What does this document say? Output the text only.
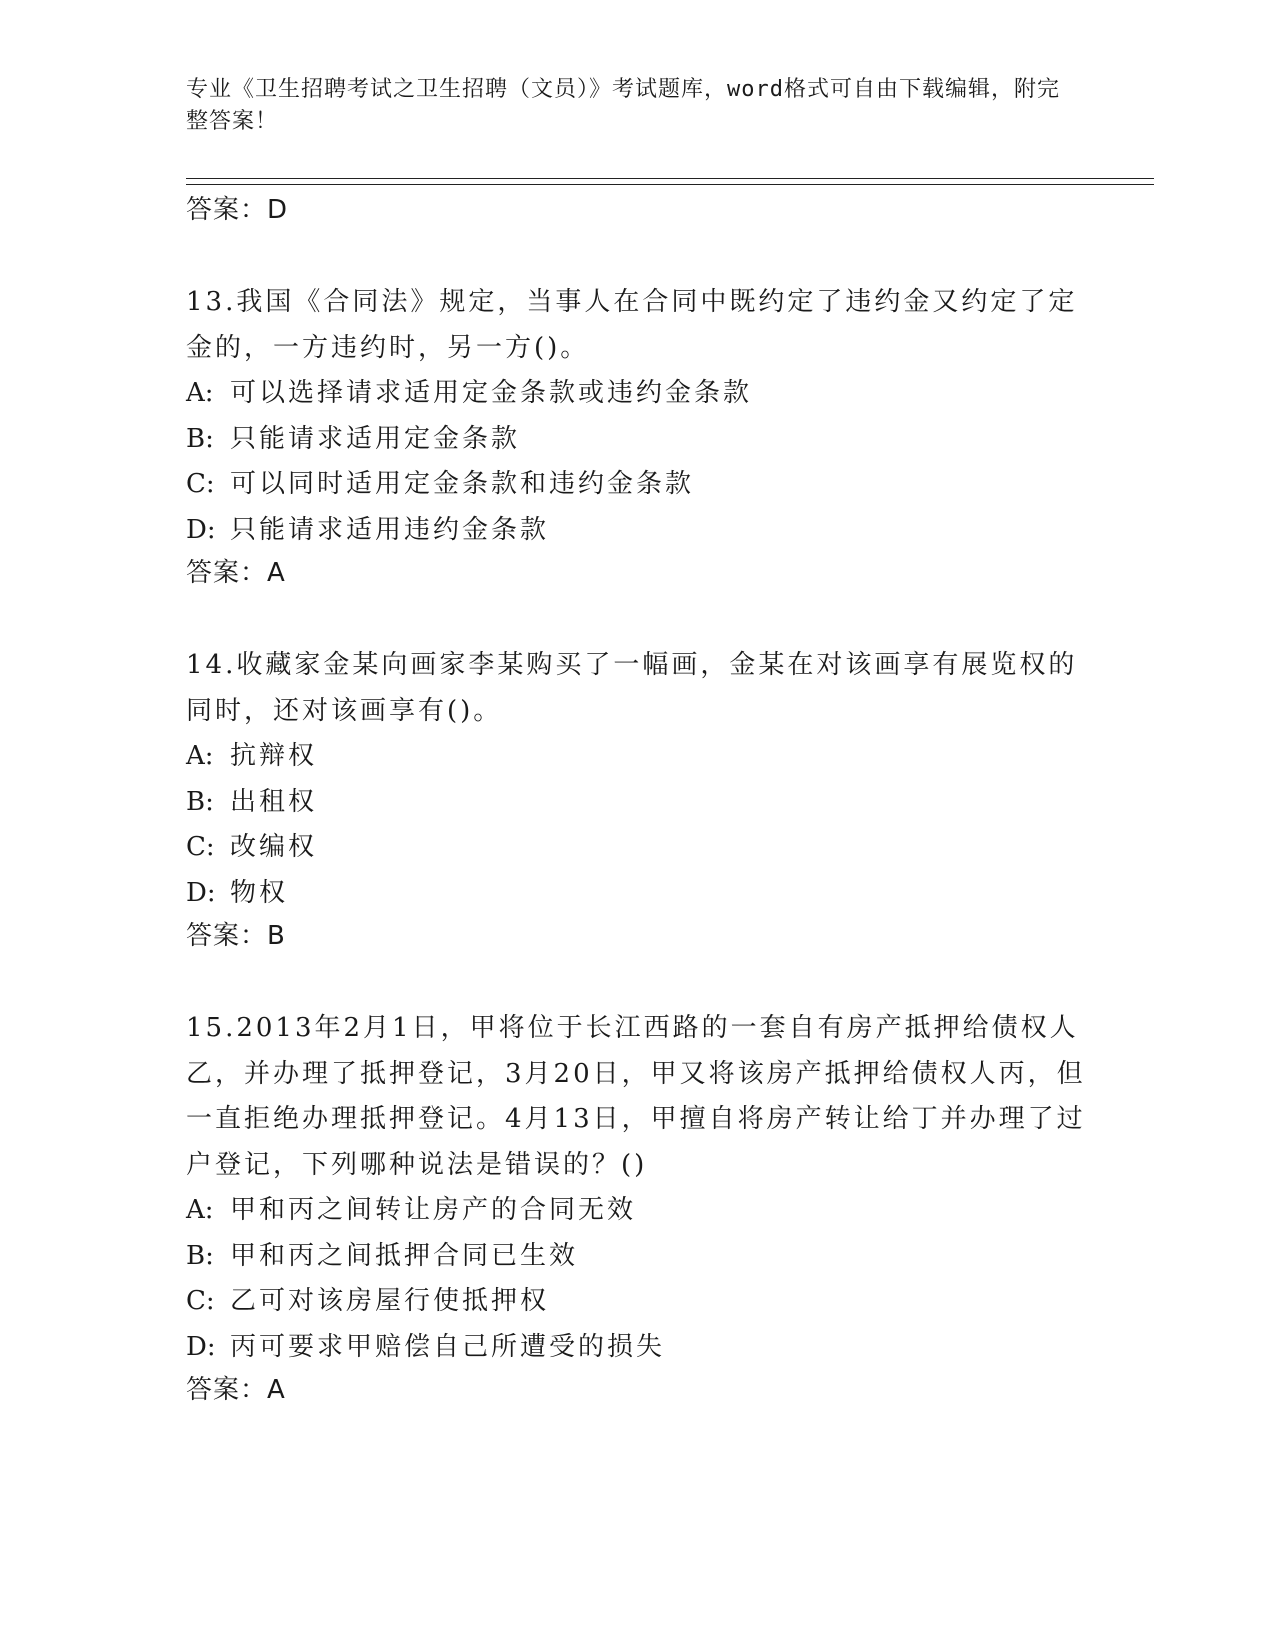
专业《卫生招聘考试之卫生招聘（文员）》考试题库，word格式可自由下载编辑，附完整答案！
答案：D
13.我国《合同法》规定，当事人在合同中既约定了违约金又约定了定金的，一方违约时，另一方()。
A: 可以选择请求适用定金条款或违约金条款
B: 只能请求适用定金条款
C: 可以同时适用定金条款和违约金条款
D: 只能请求适用违约金条款
答案：A
14.收藏家金某向画家李某购买了一幅画，金某在对该画享有展览权的同时，还对该画享有()。
A: 抗辩权
B: 出租权
C: 改编权
D: 物权
答案：B
15.2013年2月1日，甲将位于长江西路的一套自有房产抵押给债权人乙，并办理了抵押登记，3月20日，甲又将该房产抵押给债权人丙，但一直拒绝办理抵押登记。4月13日，甲擅自将房产转让给丁并办理了过户登记，下列哪种说法是错误的？()
A: 甲和丙之间转让房产的合同无效
B: 甲和丙之间抵押合同已生效
C: 乙可对该房屋行使抵押权
D: 丙可要求甲赔偿自己所遭受的损失
答案：A
